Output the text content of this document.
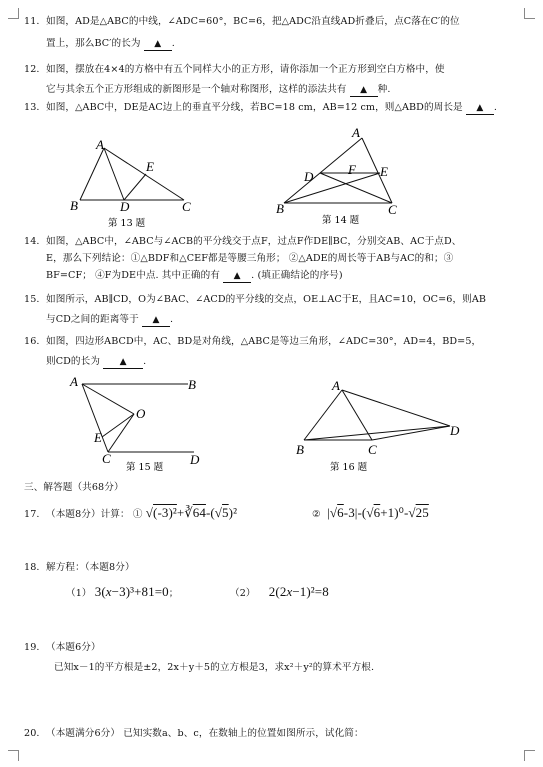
11. 如图，AD是△ABC的中线，∠ADC=60°，BC=6，把△ADC沿直线AD折叠后，点C落在C′的位
置上，那么BC′的长为 ▲ .
12. 如图，摆放在4×4的方格中有五个同样大小的正方形，请你添加一个正方形到空白方格中，使
它与其余五个正方形组成的新图形是一个轴对称图形，这样的添法共有 ▲ 种.
13. 如图，△ABC中，DE是AC边上的垂直平分线，若BC=18 cm，AB=12 cm，则△ABD的周长是 ▲ .
A
B	C
D
E
第 13 题
A
B	C
D	E
F
第 14 题
14. 如图，△ABC中，∠ABC与∠ACB的平分线交于点F，过点F作DE∥BC，分别交AB、AC于点D、
E，那么下列结论：①△BDF和△CEF都是等腰三角形； ②△ADE的周长等于AB与AC的和；③
BF=CF； ④F为DE中点. 其中正确的有 ▲ . (填正确结论的序号)
15. 如图所示，AB∥CD，O为∠BAC、∠ACD的平分线的交点，OE⊥AC于E，且AC=10，OC=6，则AB
与CD之间的距离等于 ▲ .
16. 如图，四边形ABCD中，AC、BD是对角线，△ABC是等边三角形，∠ADC=30°，AD=4，BD=5，
则CD的长为 ▲ .
A	B
C	D
E
O
第 15 题
A
B	C
D
第 16 题
三、解答题（共68分）
17. （本题8分）计算： ① √(-3)²+∛64-(√5)²	②  |√6-3|-(√6+1)⁰-√25
18. 解方程：（本题8分）
（1） 3(x−3)³+81=0；	（2）    2(2x−1)²=8
19. （本题6分）
已知x－1的平方根是±2，2x＋y＋5的立方根是3，求x²＋y²的算术平方根.
20. （本题满分6分） 已知实数a、b、c，在数轴上的位置如图所示，试化简：
